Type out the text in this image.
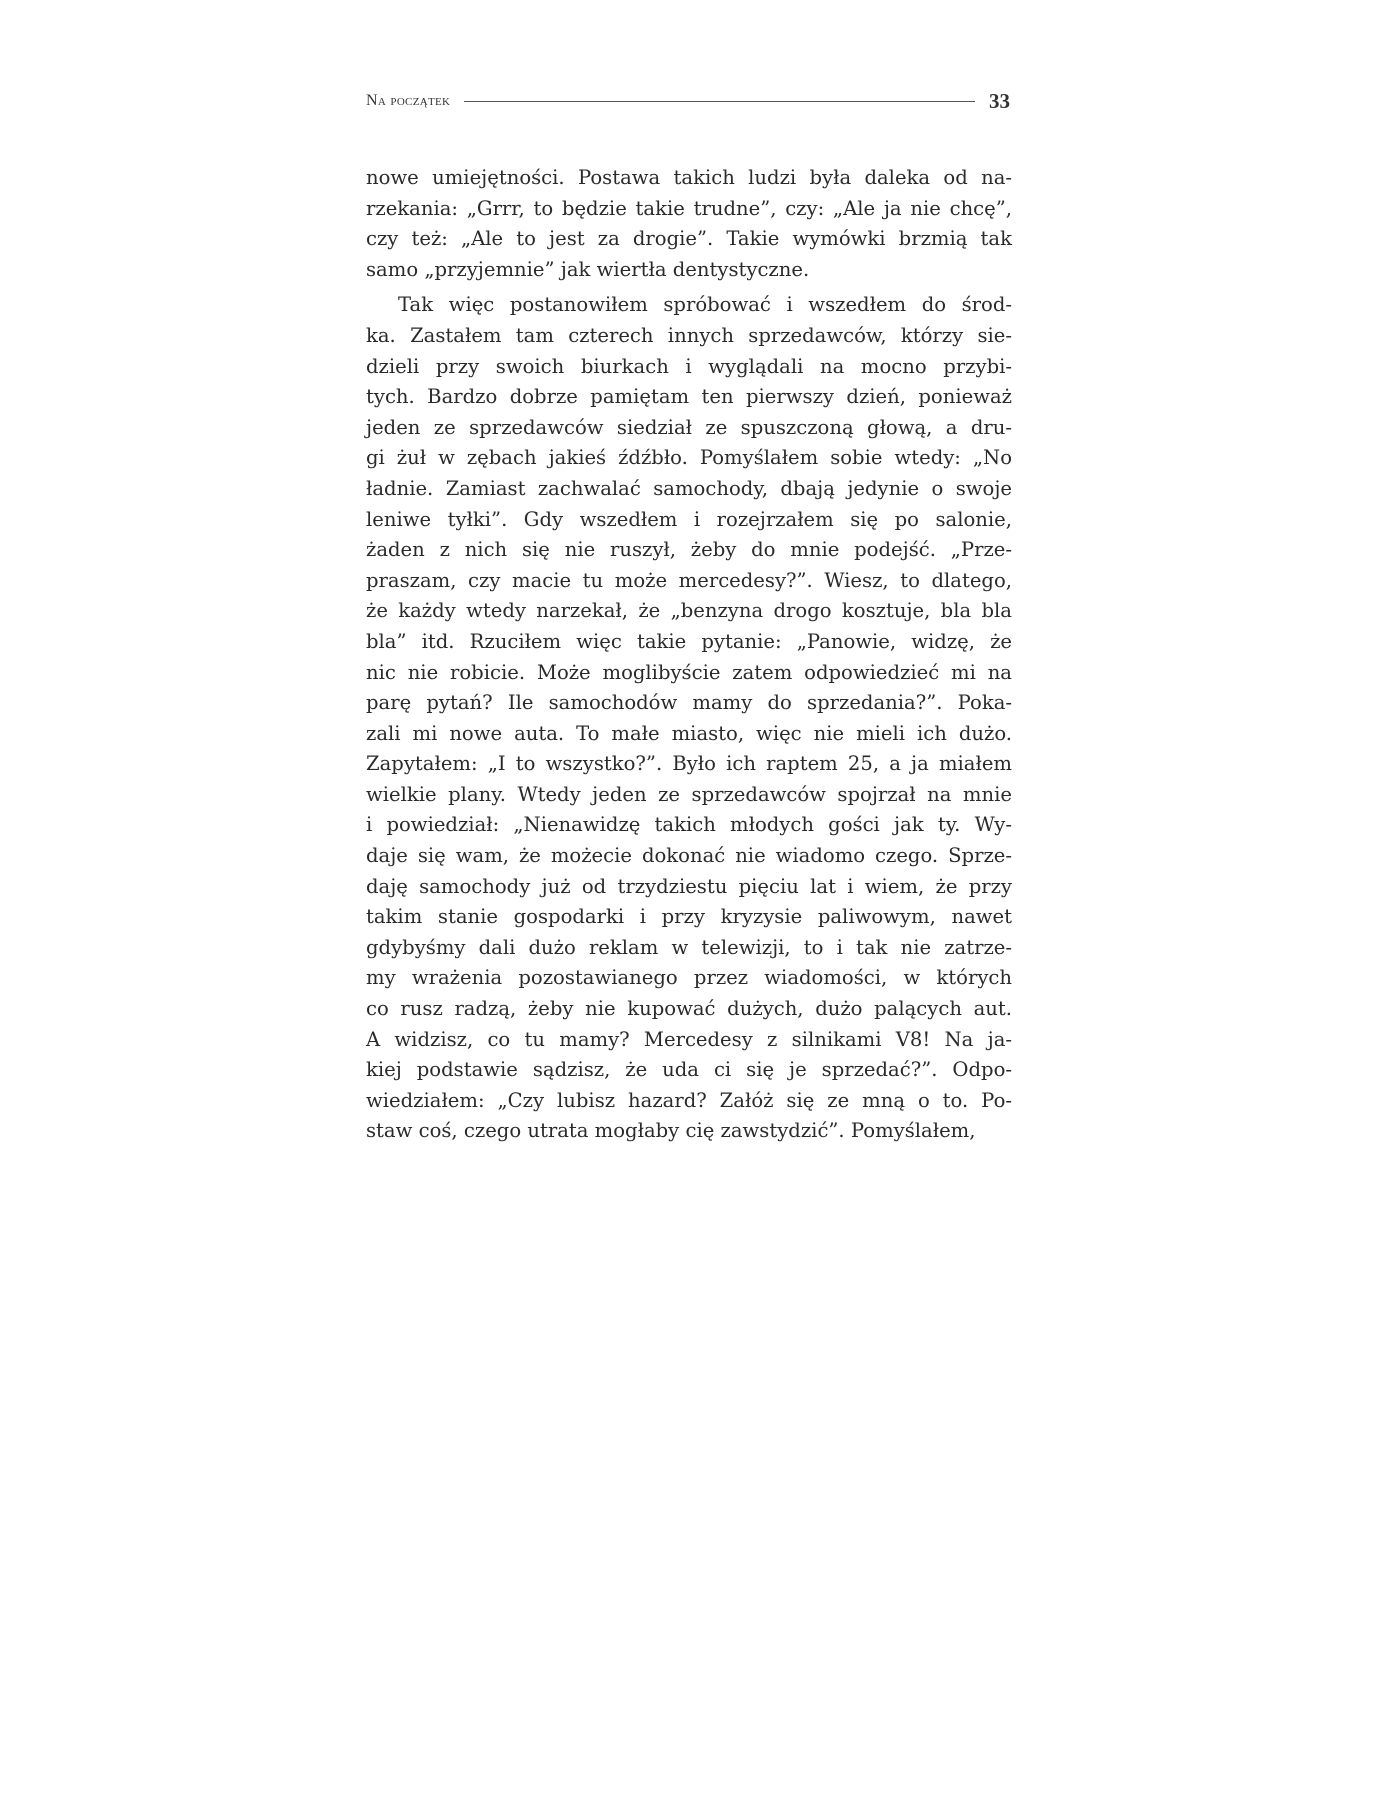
Na początek	33
nowe umiejętności. Postawa takich ludzi była daleka od na-
rzekania: „Grrr, to będzie takie trudne”, czy: „Ale ja nie chcę”,
czy też: „Ale to jest za drogie”. Takie wymówki brzmią tak
samo „przyjemnie” jak wiertła dentystyczne.
Tak więc postanowiłem spróbować i wszedłem do środ-
ka. Zastałem tam czterech innych sprzedawców, którzy sie-
dzieli przy swoich biurkach i wyglądali na mocno przybi-
tych. Bardzo dobrze pamiętam ten pierwszy dzień, ponieważ
jeden ze sprzedawców siedział ze spuszczoną głową, a dru-
gi żuł w zębach jakieś źdźbło. Pomyślałem sobie wtedy: „No
ładnie. Zamiast zachwalać samochody, dbają jedynie o swoje
leniwe tyłki”. Gdy wszedłem i rozejrzałem się po salonie,
żaden z nich się nie ruszył, żeby do mnie podejść. „Prze-
praszam, czy macie tu może mercedesy?”. Wiesz, to dlatego,
że każdy wtedy narzekał, że „benzyna drogo kosztuje, bla bla
bla” itd. Rzuciłem więc takie pytanie: „Panowie, widzę, że
nic nie robicie. Może moglibyście zatem odpowiedzieć mi na
parę pytań? Ile samochodów mamy do sprzedania?”. Poka-
zali mi nowe auta. To małe miasto, więc nie mieli ich dużo.
Zapytałem: „I to wszystko?”. Było ich raptem 25, a ja miałem
wielkie plany. Wtedy jeden ze sprzedawców spojrzał na mnie
i powiedział: „Nienawidzę takich młodych gości jak ty. Wy-
daje się wam, że możecie dokonać nie wiadomo czego. Sprze-
daję samochody już od trzydziestu pięciu lat i wiem, że przy
takim stanie gospodarki i przy kryzysie paliwowym, nawet
gdybyśmy dali dużo reklam w telewizji, to i tak nie zatrze-
my wrażenia pozostawianego przez wiadomości, w których
co rusz radzą, żeby nie kupować dużych, dużo palących aut.
A widzisz, co tu mamy? Mercedesy z silnikami V8! Na ja-
kiej podstawie sądzisz, że uda ci się je sprzedać?”. Odpo-
wiedziałem: „Czy lubisz hazard? Załóż się ze mną o to. Po-
staw coś, czego utrata mogłaby cię zawstydzić”. Pomyślałem,
